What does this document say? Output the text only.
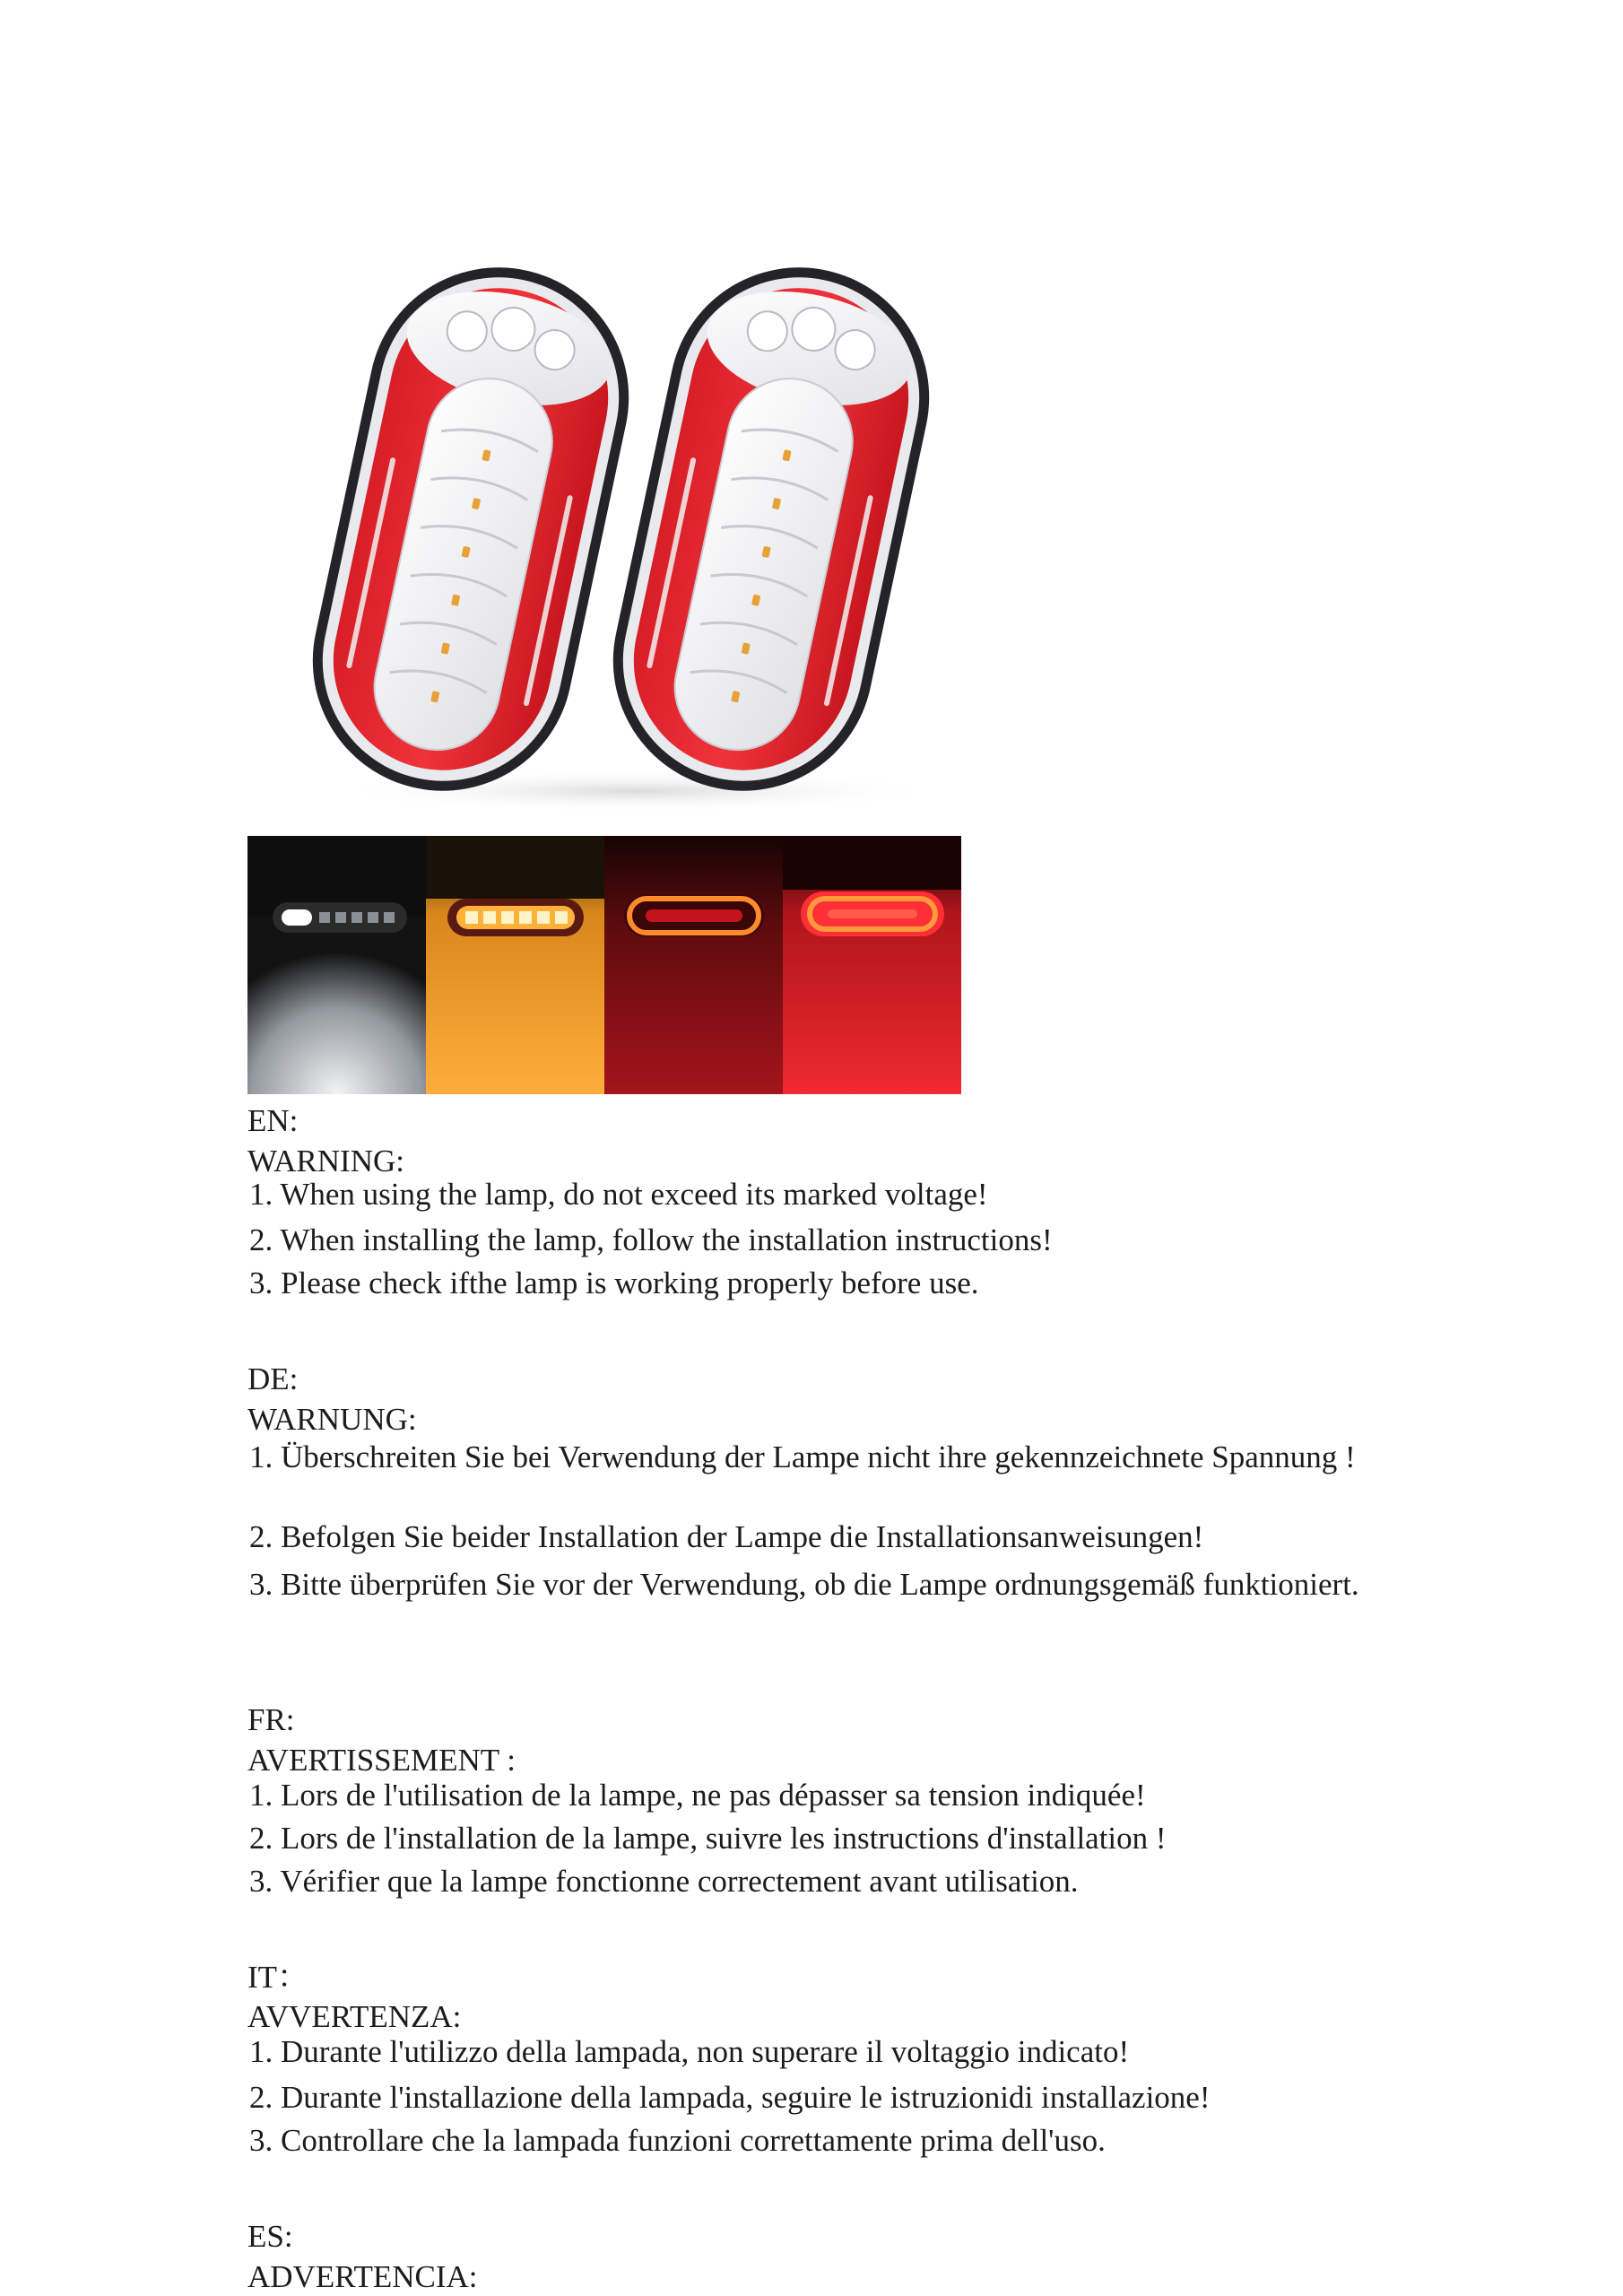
EN:
WARNING:
1. When using the lamp, do not exceed its marked voltage!
2. When installing the lamp, follow the installation instructions!
3. Please check ifthe lamp is working properly before use.
DE:
WARNUNG:
1. Überschreiten Sie bei Verwendung der Lampe nicht ihre gekennzeichnete Spannung !
2. Befolgen Sie beider Installation der Lampe die Installationsanweisungen!
3. Bitte überprüfen Sie vor der Verwendung, ob die Lampe ordnungsgemäß funktioniert.
FR:
AVERTISSEMENT :
1. Lors de l'utilisation de la lampe, ne pas dépasser sa tension indiquée!
2. Lors de l'installation de la lampe, suivre les instructions d'installation !
3. Vérifier que la lampe fonctionne correctement avant utilisation.
IT：
AVVERTENZA:
1. Durante l'utilizzo della lampada, non superare il voltaggio indicato!
2. Durante l'installazione della lampada, seguire le istruzionidi installazione!
3. Controllare che la lampada funzioni correttamente prima dell'uso.
ES:
ADVERTENCIA:
